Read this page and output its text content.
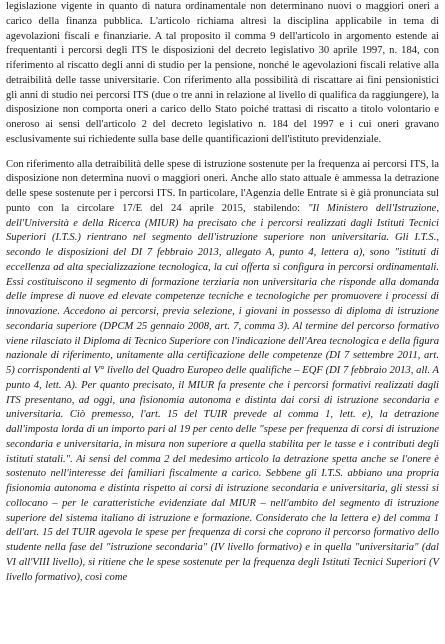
legislazione vigente in quanto di natura ordinamentale non determinano nuovi o maggiori oneri a carico della finanza pubblica. L'articolo richiama altresì la disciplina applicabile in tema di agevolazioni fiscali e finanziarie. A tal proposito il comma 9 dell'articolo in argomento estende ai frequentanti i percorsi degli ITS le disposizioni del decreto legislativo 30 aprile 1997, n. 184, con riferimento al riscatto degli anni di studio per la pensione, nonché le agevolazioni fiscali relative alla detraibilità delle tasse universitarie. Con riferimento alla possibilità di riscattare ai fini pensionistici gli anni di studio nei percorsi ITS (due o tre anni in relazione al livello di qualifica da raggiungere), la disposizione non comporta oneri a carico dello Stato poiché trattasi di riscatto a titolo volontario e oneroso ai sensi dell'articolo 2 del decreto legislativo n. 184 del 1997 e i cui oneri gravano esclusivamente sui richiedente sulla base delle quantificazioni dell'istituto previdenziale.

Con riferimento alla detraibilità delle spese di istruzione sostenute per la frequenza ai percorsi ITS, la disposizione non determina nuovi o maggiori oneri. Anche allo stato attuale è ammessa la detrazione delle spese sostenute per i percorsi ITS. In particolare, l'Agenzia delle Entrate si è già pronunciata sul punto con la circolare 17/E del 24 aprile 2015, stabilendo: "Il Ministero dell'Istruzione, dell'Università e della Ricerca (MIUR) ha precisato che i percorsi realizzati dagli Istituti Tecnici Superiori (I.T.S.) rientrano nel segmento dell'istruzione superiore non universitaria. Gli I.T.S., secondo le disposizioni del DI 7 febbraio 2013, allegato A, punto 4, lettera a), sono "istituti di eccellenza ad alta specializzazione tecnologica, la cui offerta si configura in percorsi ordinamentali. Essi costituiscono il segmento di formazione terziaria non universitaria che risponde alla domanda delle imprese di nuove ed elevate competenze tecniche e tecnologiche per promuovere i processi di innovazione. Accedono ai percorsi, previa selezione, i giovani in possesso di diploma di istruzione secondaria superiore (DPCM 25 gennaio 2008, art. 7, comma 3). Al termine del percorso formativo viene rilasciato il Diploma di Tecnico Superiore con l'indicazione dell'Area tecnologica e della figura nazionale di riferimento, unitamente alla certificazione delle competenze (DI 7 settembre 2011, art. 5) corrispondenti al V° livello del Quadro Europeo delle qualifiche – EQF (DI 7 febbraio 2013, all. A punto 4, lett. A). Per quanto precisato, il MIUR fa presente che i percorsi formativi realizzati dagli ITS presentano, ad oggi, una fisionomia autonoma e distinta dai corsi di istruzione secondaria e universitaria. Ciò premesso, l'art. 15 del TUIR prevede al comma 1, lett. e), la detrazione dall'imposta lorda di un importo pari al 19 per cento delle "spese per frequenza di corsi di istruzione secondaria e universitaria, in misura non superiore a quella stabilita per le tasse e i contributi degli istituti statali.". Ai sensi del comma 2 del medesimo articolo la detrazione spetta anche se l'onere è sostenuto nell'interesse dei familiari fiscalmente a carico. Sebbene gli I.T.S. abbiano una propria fisionomia autonoma e distinta rispetto ai corsi di istruzione secondaria e universitaria, gli stessi si collocano – per le caratteristiche evidenziate dal MIUR – nell'ambito del segmento di istruzione superiore del sistema italiano di istruzione e formazione. Considerato che la lettera e) del comma 1 dell'art. 15 del TUIR agevola le spese per frequenza di corsi che coprono il percorso formativo dello studente nella fase del "istruzione secondaria" (IV livello formativo) e in quella "universitaria" (dal VI all'VIII livello), si ritiene che le spese sostenute per la frequenza degli Istituti Tecnici Superiori (V livello formativo), così come
